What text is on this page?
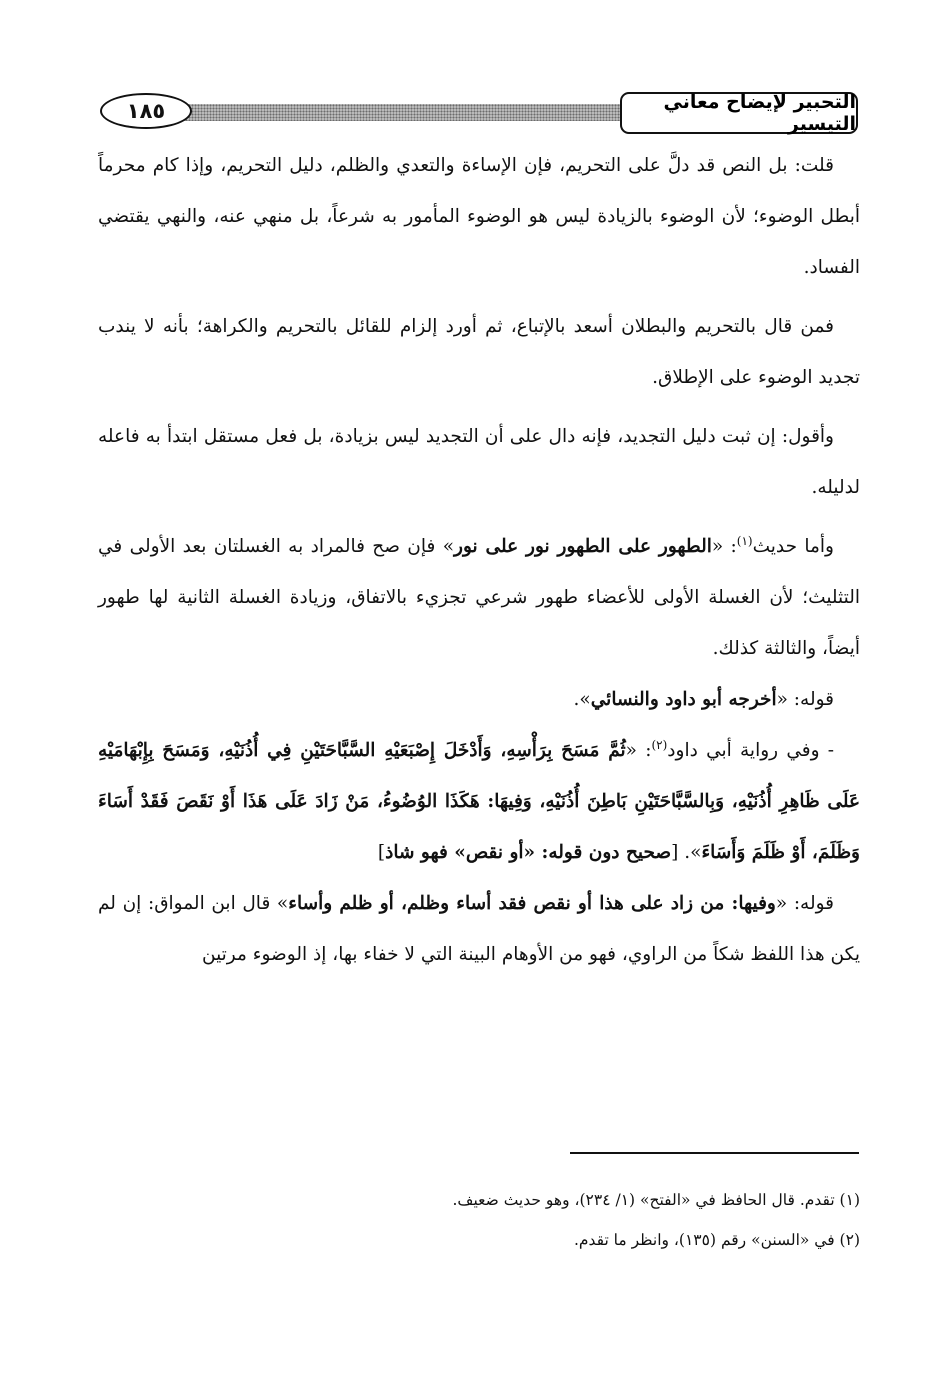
التحبير لإيضاح معاني التيسير
١٨٥

قلت: بل النص قد دلَّ على التحريم، فإن الإساءة والتعدي والظلم، دليل التحريم، وإذا كام محرماً أبطل الوضوء؛ لأن الوضوء بالزيادة ليس هو الوضوء المأمور به شرعاً، بل منهي عنه، والنهي يقتضي الفساد.

فمن قال بالتحريم والبطلان أسعد بالإتباع، ثم أورد إلزام للقائل بالتحريم والكراهة؛ بأنه لا يندب تجديد الوضوء على الإطلاق.

وأقول: إن ثبت دليل التجديد، فإنه دال على أن التجديد ليس بزيادة، بل فعل مستقل ابتدأ به فاعله لدليله.

وأما حديث$^{(١)}$: «الطهور على الطهور نور على نور» فإن صح فالمراد به الغسلتان بعد الأولى في التثليث؛ لأن الغسلة الأولى للأعضاء طهور شرعي تجزيء بالاتفاق، وزيادة الغسلة الثانية لها طهور أيضاً، والثالثة كذلك.

قوله: «أخرجه أبو داود والنسائي».

- وفي رواية أبي داود$^{(٢)}$: «ثُمَّ مَسَحَ بِرَأْسِهِ، وَأَدْخَلَ إِصْبَعَيْهِ السَّبَّاحَتَيْنِ فِي أُذُنَيْهِ، وَمَسَحَ بِإِبْهَامَيْهِ عَلَى ظَاهِرِ أُذُنَيْهِ، وَبِالسَّبَّاحَتَيْنِ بَاطِنَ أُذُنَيْهِ، وَفِيهَا: هَكَذَا الوُضُوءُ، مَنْ زَادَ عَلَى هَذَا أَوْ نَقَصَ فَقَدْ أَسَاءَ وَظَلَمَ، أَوْ ظَلَمَ وَأَسَاءَ». [صحيح دون قوله: «أو نقص» فهو شاذ]

قوله: «وفيها: من زاد على هذا أو نقص فقد أساء وظلم، أو ظلم وأساء» قال ابن المواق: إن لم يكن هذا اللفظ شكاً من الراوي، فهو من الأوهام البينة التي لا خفاء بها، إذ الوضوء مرتين

(١) تقدم. قال الحافظ في «الفتح» (١/ ٢٣٤)، وهو حديث ضعيف.

(٢) في «السنن» رقم (١٣٥)، وانظر ما تقدم.
